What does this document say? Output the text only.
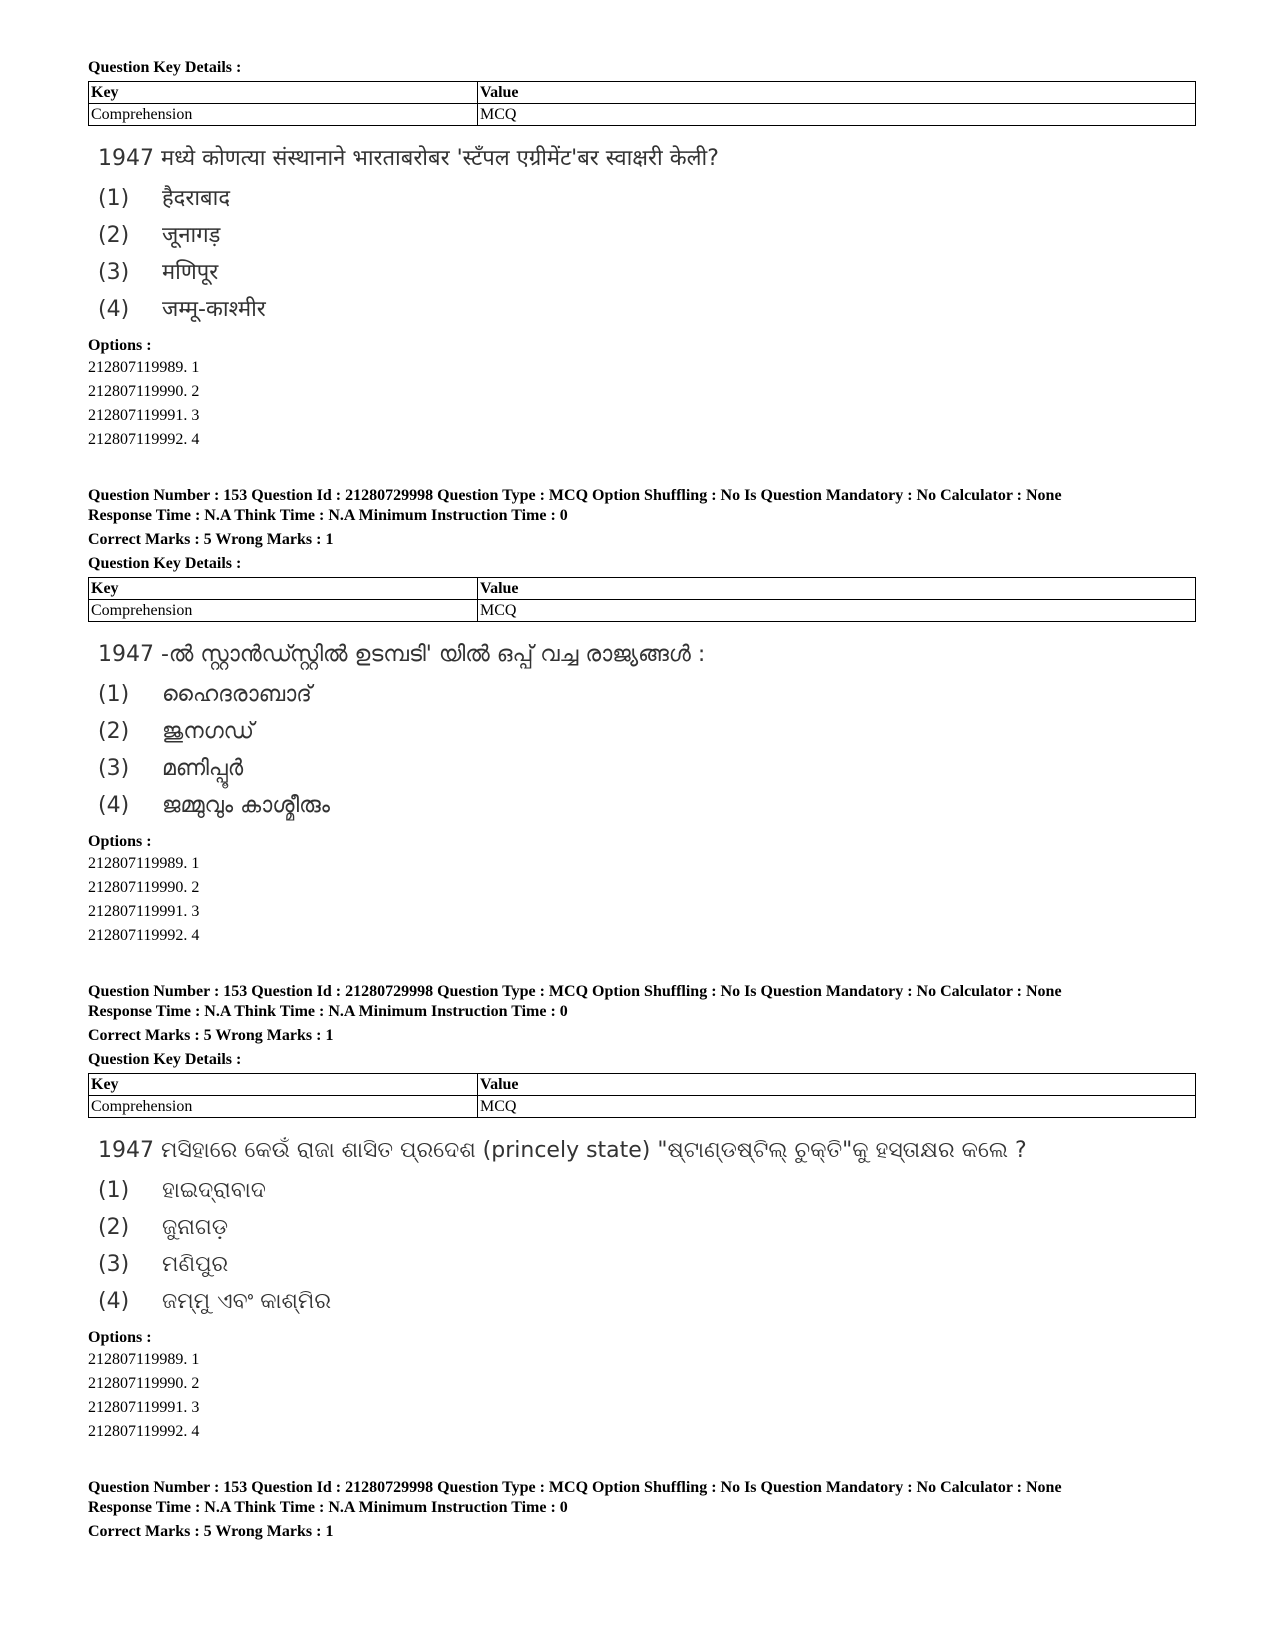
Question Key Details :
Key	Value
Comprehension	MCQ
1947 मध्ये कोणत्या संस्थानाने भारताबरोबर 'स्टॅंपल एग्रीमेंट'बर स्वाक्षरी केली?
(1)	हैदराबाद
(2)	जूनागड़
(3)	मणिपूर
(4)	जम्मू-काश्मीर
Options :
212807119989. 1
212807119990. 2
212807119991. 3
212807119992. 4
Question Number : 153 Question Id : 21280729998 Question Type : MCQ Option Shuffling : No Is Question Mandatory : No Calculator : None
Response Time : N.A Think Time : N.A Minimum Instruction Time : 0
Correct Marks : 5 Wrong Marks : 1
Question Key Details :
Key	Value
Comprehension	MCQ
1947 -ൽ സ്റ്റാൻഡ്സ്റ്റിൽ ഉടമ്പടി' യിൽ ഒപ്പ് വച്ച രാജ്യങ്ങൾ :
(1)	ഹൈദരാബാദ്
(2)	ജുനഗഡ്
(3)	മണിപ്പൂർ
(4)	ജമ്മുവും കാശ്മീരും
Options :
212807119989. 1
212807119990. 2
212807119991. 3
212807119992. 4
Question Number : 153 Question Id : 21280729998 Question Type : MCQ Option Shuffling : No Is Question Mandatory : No Calculator : None
Response Time : N.A Think Time : N.A Minimum Instruction Time : 0
Correct Marks : 5 Wrong Marks : 1
Question Key Details :
Key	Value
Comprehension	MCQ
1947 ମସିହାରେ କେଉଁ ରାଜା ଶାସିତ ପ୍ରଦେଶ (princely state) "ଷ୍ଟାଣ୍ଡଷ୍ଟିଲ୍ ଚୁକ୍ତି"କୁ ହସ୍ତାକ୍ଷର କଲେ ?
(1)	ହାଇଦ୍ରାବାଦ
(2)	ଜୁନାଗଡ଼
(3)	ମଣିପୁର
(4)	ଜମ୍ମୁ ଏବଂ କାଶ୍ମିର
Options :
212807119989. 1
212807119990. 2
212807119991. 3
212807119992. 4
Question Number : 153 Question Id : 21280729998 Question Type : MCQ Option Shuffling : No Is Question Mandatory : No Calculator : None
Response Time : N.A Think Time : N.A Minimum Instruction Time : 0
Correct Marks : 5 Wrong Marks : 1
